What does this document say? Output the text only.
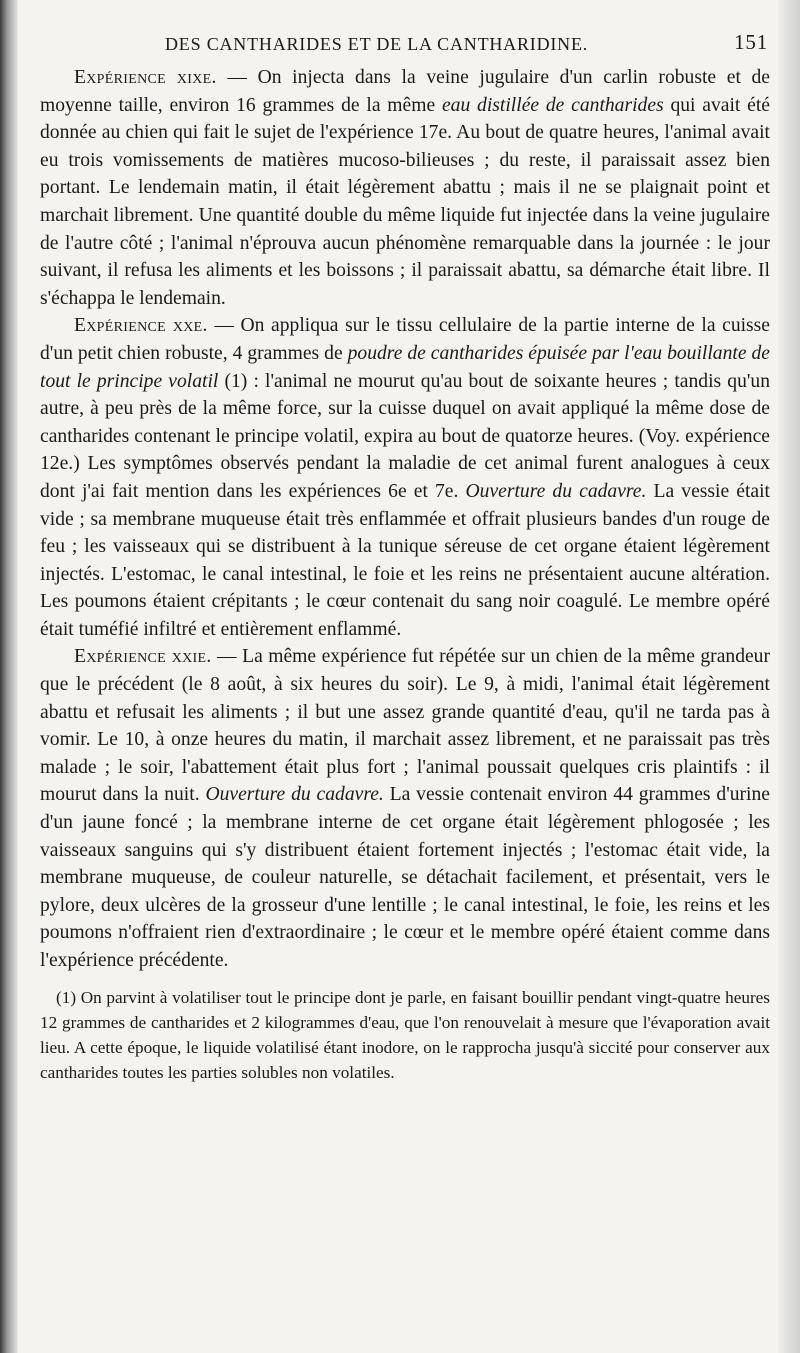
DES CANTHARIDES ET DE LA CANTHARIDINE.	151

Expérience xixe. — On injecta dans la veine jugulaire d'un carlin robuste et de moyenne taille, environ 16 grammes de la même eau distillée de cantharides qui avait été donnée au chien qui fait le sujet de l'expérience 17e. Au bout de quatre heures, l'animal avait eu trois vomissements de matières mucoso-bilieuses ; du reste, il paraissait assez bien portant. Le lendemain matin, il était légèrement abattu ; mais il ne se plaignait point et marchait librement. Une quantité double du même liquide fut injectée dans la veine jugulaire de l'autre côté ; l'animal n'éprouva aucun phénomène remarquable dans la journée : le jour suivant, il refusa les aliments et les boissons ; il paraissait abattu, sa démarche était libre. Il s'échappa le lendemain.

Expérience xxe. — On appliqua sur le tissu cellulaire de la partie interne de la cuisse d'un petit chien robuste, 4 grammes de poudre de cantharides épuisée par l'eau bouillante de tout le principe volatil (1) : l'animal ne mourut qu'au bout de soixante heures ; tandis qu'un autre, à peu près de la même force, sur la cuisse duquel on avait appliqué la même dose de cantharides contenant le principe volatil, expira au bout de quatorze heures. (Voy. expérience 12e.) Les symptômes observés pendant la maladie de cet animal furent analogues à ceux dont j'ai fait mention dans les expériences 6e et 7e. Ouverture du cadavre. La vessie était vide ; sa membrane muqueuse était très enflammée et offrait plusieurs bandes d'un rouge de feu ; les vaisseaux qui se distribuent à la tunique séreuse de cet organe étaient légèrement injectés. L'estomac, le canal intestinal, le foie et les reins ne présentaient aucune altération. Les poumons étaient crépitants ; le cœur contenait du sang noir coagulé. Le membre opéré était tuméfié infiltré et entièrement enflammé.

Expérience xxie. — La même expérience fut répétée sur un chien de la même grandeur que le précédent (le 8 août, à six heures du soir). Le 9, à midi, l'animal était légèrement abattu et refusait les aliments ; il but une assez grande quantité d'eau, qu'il ne tarda pas à vomir. Le 10, à onze heures du matin, il marchait assez librement, et ne paraissait pas très malade ; le soir, l'abattement était plus fort ; l'animal poussait quelques cris plaintifs : il mourut dans la nuit. Ouverture du cadavre. La vessie contenait environ 44 grammes d'urine d'un jaune foncé ; la membrane interne de cet organe était légèrement phlogosée ; les vaisseaux sanguins qui s'y distribuent étaient fortement injectés ; l'estomac était vide, la membrane muqueuse, de couleur naturelle, se détachait facilement, et présentait, vers le pylore, deux ulcères de la grosseur d'une lentille ; le canal intestinal, le foie, les reins et les poumons n'offraient rien d'extraordinaire ; le cœur et le membre opéré étaient comme dans l'expérience précédente.

(1) On parvint à volatiliser tout le principe dont je parle, en faisant bouillir pendant vingt-quatre heures 12 grammes de cantharides et 2 kilogrammes d'eau, que l'on renouvelait à mesure que l'évaporation avait lieu. A cette époque, le liquide volatilisé étant inodore, on le rapprocha jusqu'à siccité pour conserver aux cantharides toutes les parties solubles non volatiles.
